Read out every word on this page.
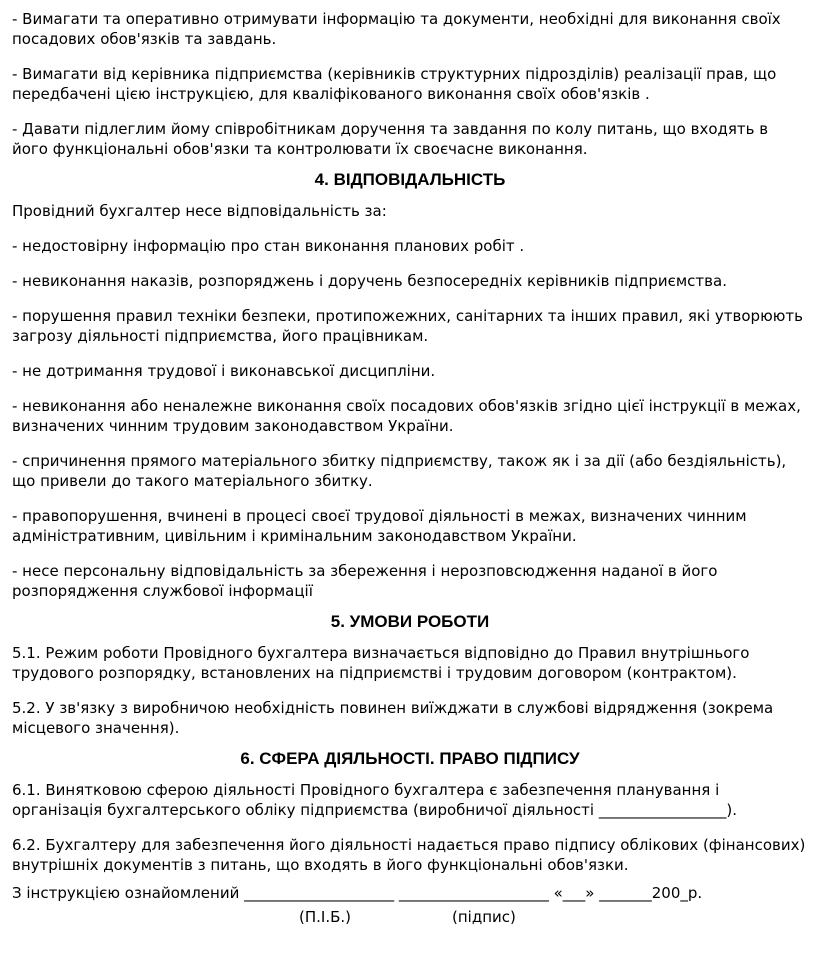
- Вимагати та оперативно отримувати інформацію та документи, необхідні для виконання своїх посадових обов'язків та завдань.

- Вимагати від керівника підприємства (керівників структурних підрозділів) реалізації прав, що передбачені цією інструкцією, для кваліфікованого виконання своїх обов'язків .

- Давати підлеглим йому співробітникам доручення та завдання по колу питань, що входять в його функціональні обов'язки та контролювати їх своєчасне виконання.

4. ВІДПОВІДАЛЬНІСТЬ

Провідний бухгалтер несе відповідальність за:

- недостовірну інформацію про стан виконання планових робіт .

- невиконання наказів, розпоряджень і доручень безпосередніх керівників підприємства.

- порушення правил техніки безпеки, протипожежних, санітарних та інших правил, які утворюють загрозу діяльності підприємства, його працівникам.

- не дотримання трудової і виконавської дисципліни.

- невиконання або неналежне виконання своїх посадових обов'язків згідно цієї інструкції в межах, визначених чинним трудовим законодавством України.

- спричинення прямого матеріального збитку підприємству, також як і за дії (або бездіяльність), що привели до такого матеріального збитку.

- правопорушення, вчинені в процесі своєї трудової діяльності в межах, визначених чинним адміністративним, цивільним і кримінальним законодавством України.

- несе персональну відповідальність за збереження і нерозповсюдження наданої в його розпорядження службової інформації

5. УМОВИ РОБОТИ

5.1. Режим роботи Провідного бухгалтера визначається відповідно до Правил внутрішнього трудового розпорядку, встановлених на підприємстві і трудовим договором (контрактом).

5.2. У зв'язку з виробничою необхідність повинен виїжджати в службові відрядження (зокрема місцевого значення).

6. СФЕРА ДІЯЛЬНОСТІ. ПРАВО ПІДПИСУ

6.1. Винятковою сферою діяльності Провідного бухгалтера є забезпечення планування і організація бухгалтерського обліку підприємства (виробничої діяльності _________________).

6.2. Бухгалтеру для забезпечення його діяльності надається право підпису облікових (фінансових) внутрішніх документів з питань, що входять в його функціональні обов'язки.

З інструкцією ознайомлений ____________________ ____________________ «___» _______200_р.

(П.І.Б.)	(підпис)
